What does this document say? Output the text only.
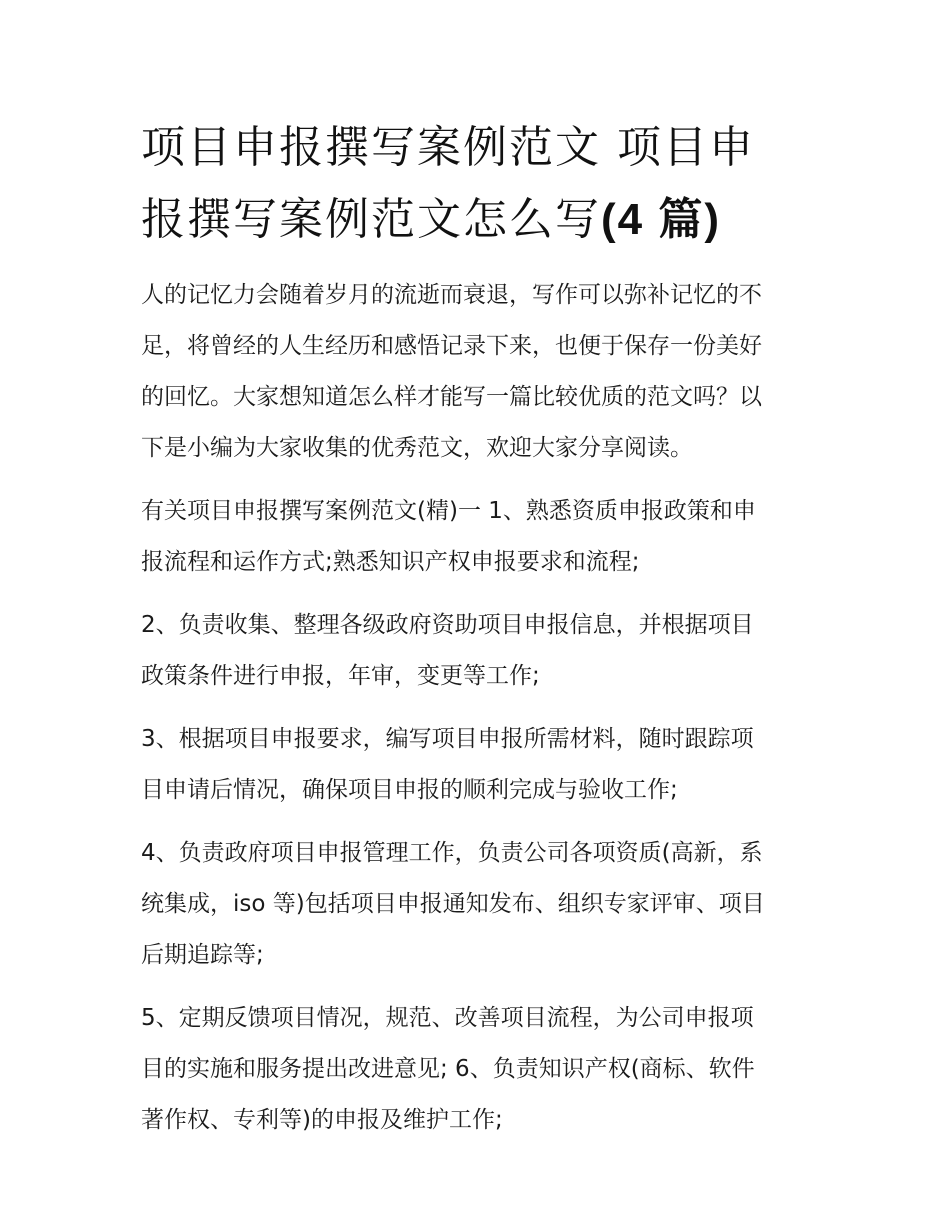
项目申报撰写案例范文 项目申
报撰写案例范文怎么写(4 篇)

人的记忆力会随着岁月的流逝而衰退，写作可以弥补记忆的不
足，将曾经的人生经历和感悟记录下来，也便于保存一份美好
的回忆。大家想知道怎么样才能写一篇比较优质的范文吗？以
下是小编为大家收集的优秀范文，欢迎大家分享阅读。

有关项目申报撰写案例范文(精)一 1、熟悉资质申报政策和申
报流程和运作方式;熟悉知识产权申报要求和流程;

2、负责收集、整理各级政府资助项目申报信息，并根据项目
政策条件进行申报，年审，变更等工作;

3、根据项目申报要求，编写项目申报所需材料，随时跟踪项
目申请后情况，确保项目申报的顺利完成与验收工作;

4、负责政府项目申报管理工作，负责公司各项资质(高新，系
统集成，iso 等)包括项目申报通知发布、组织专家评审、项目
后期追踪等;

5、定期反馈项目情况，规范、改善项目流程，为公司申报项
目的实施和服务提出改进意见; 6、负责知识产权(商标、软件
著作权、专利等)的申报及维护工作;
